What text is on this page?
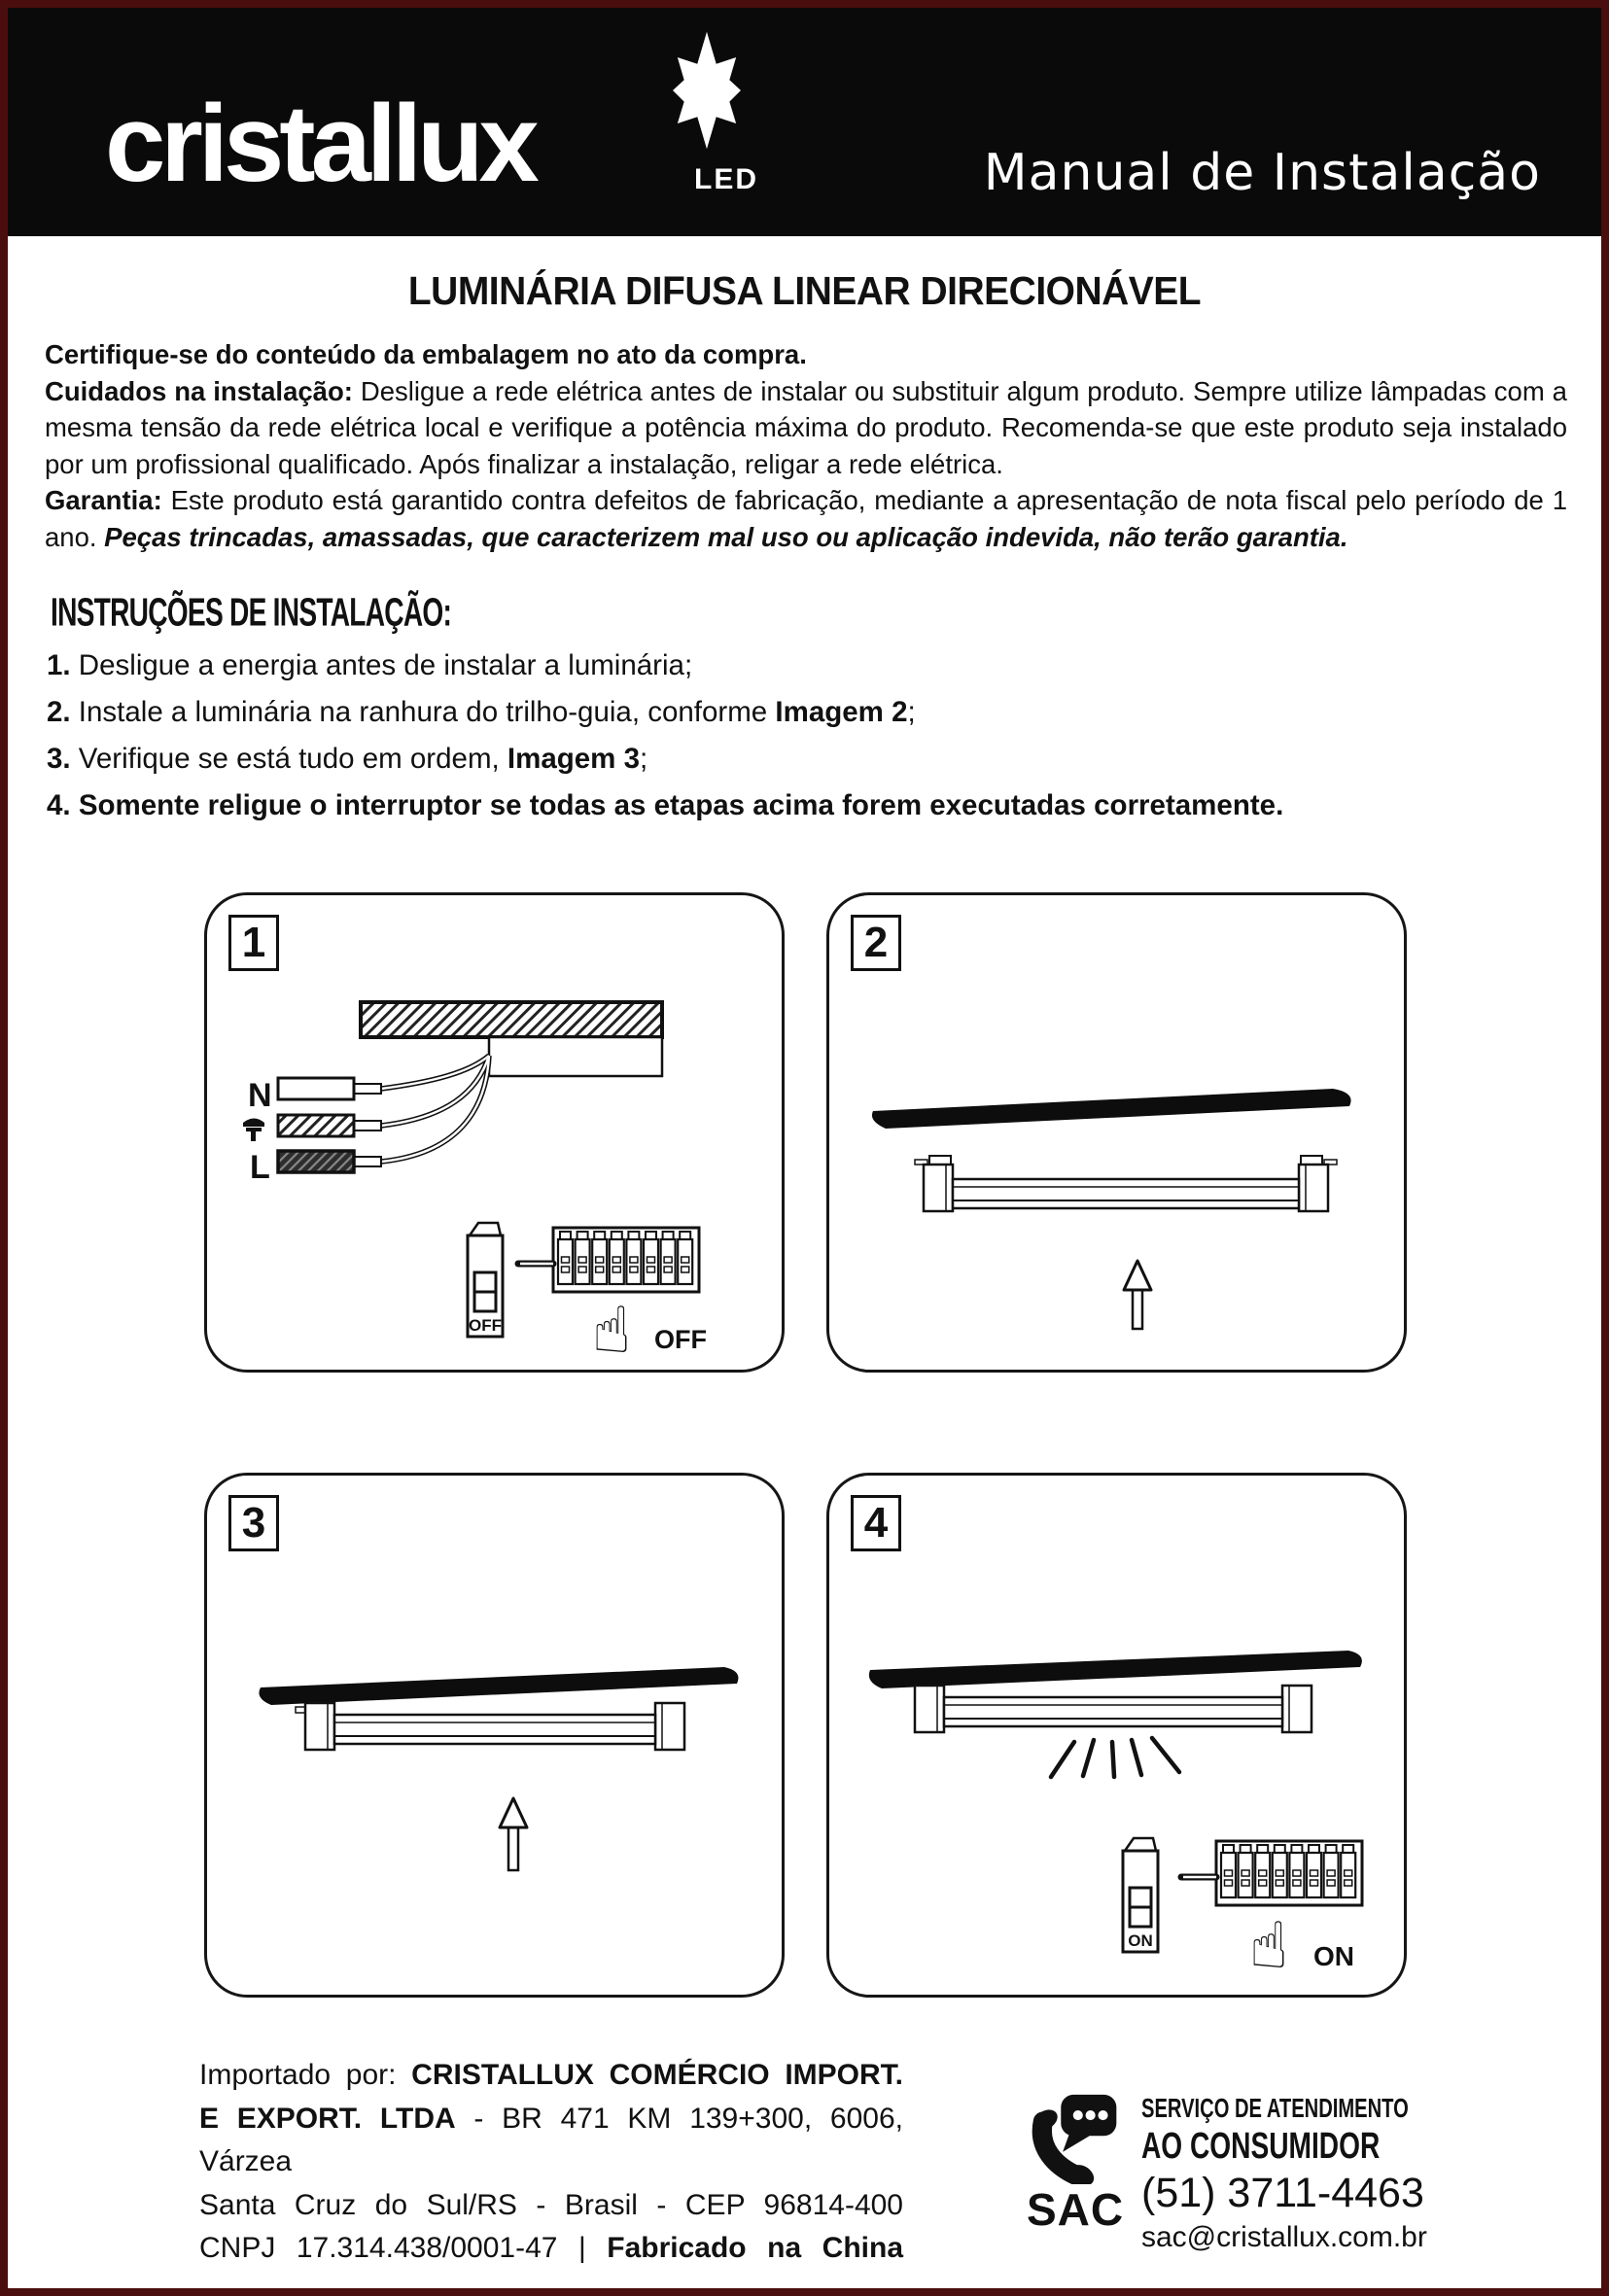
cristallux	LED	Manual de Instalação
LUMINÁRIA DIFUSA LINEAR DIRECIONÁVEL

Certifique-se do conteúdo da embalagem no ato da compra.

Cuidados na instalação: Desligue a rede elétrica antes de instalar ou substituir algum produto. Sempre utilize lâmpadas com a mesma tensão da rede elétrica local e verifique a potência máxima do produto. Recomenda-se que este produto seja instalado por um profissional qualificado. Após finalizar a instalação, religar a rede elétrica.

Garantia: Este produto está garantido contra defeitos de fabricação, mediante a apresentação de nota fiscal pelo período de 1 ano. Peças trincadas, amassadas, que caracterizem mal uso ou aplicação indevida, não terão garantia.

INSTRUÇÕES DE INSTALAÇÃO:
1. Desligue a energia antes de instalar a luminária;
2. Instale a luminária na ranhura do trilho-guia, conforme Imagem 2;
3. Verifique se está tudo em ordem, Imagem 3;
4. Somente religue o interruptor se todas as etapas acima forem executadas corretamente.
1
N
L
OFF ☝ OFF
2
3	4
ON ☝ ON
Importado por: CRISTALLUX COMÉRCIO IMPORT.
E EXPORT. LTDA - BR 471 KM 139+300, 6006, Várzea
Santa Cruz do Sul/RS - Brasil - CEP 96814-400
CNPJ 17.314.438/0001-47 | Fabricado na China
SAC
SERVIÇO DE ATENDIMENTO
AO CONSUMIDOR
(51) 3711-4463
sac@cristallux.com.br
